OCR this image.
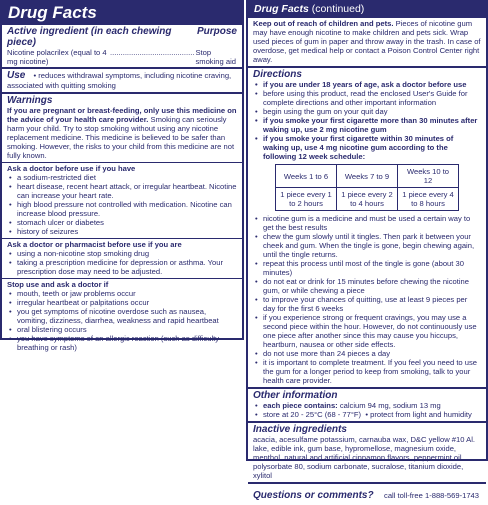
Drug Facts
Active ingredient (in each chewing piece)
Purpose
Nicotine polacrilex (equal to 4 mg nicotine)
........................................ Stop smoking aid
Use • reduces withdrawal symptoms, including nicotine craving, associated with quitting smoking
Warnings
If you are pregnant or breast-feeding, only use this medicine on the advice of your health care provider. Smoking can seriously harm your child. Try to stop smoking without using any nicotine replacement medicine. This medicine is believed to be safer than smoking. However, the risks to your child from this medicine are not fully known.
Ask a doctor before use if you have
• a sodium-restricted diet
• heart disease, recent heart attack, or irregular heartbeat. Nicotine can increase your heart rate.
• high blood pressure not controlled with medication. Nicotine can increase blood pressure.
• stomach ulcer or diabetes
• history of seizures
Ask a doctor or pharmacist before use if you are
• using a non-nicotine stop smoking drug
• taking a prescription medicine for depression or asthma. Your prescription dose may need to be adjusted.
Stop use and ask a doctor if
• mouth, teeth or jaw problems occur
• irregular heartbeat or palpitations occur
• you get symptoms of nicotine overdose such as nausea, vomiting, dizziness, diarrhea, weakness and rapid heartbeat
• oral blistering occurs
• you have symptoms of an allergic reaction (such as difficulty breathing or rash)
Drug Facts (continued)
Keep out of reach of children and pets. Pieces of nicotine gum may have enough nicotine to make children and pets sick. Wrap used pieces of gum in paper and throw away in the trash. In case of overdose, get medical help or contact a Poison Control Center right away.
Directions
• if you are under 18 years of age, ask a doctor before use
• before using this product, read the enclosed User's Guide for complete directions and other important information
• begin using the gum on your quit day
• if you smoke your first cigarette more than 30 minutes after waking up, use 2 mg nicotine gum
• if you smoke your first cigarette within 30 minutes of waking up, use 4 mg nicotine gum according to the following 12 week schedule:
Weeks 1 to 6	Weeks 7 to 9	Weeks 10 to 12
1 piece every 1 to 2 hours	1 piece every 2 to 4 hours	1 piece every 4 to 8 hours
• nicotine gum is a medicine and must be used a certain way to get the best results
• chew the gum slowly until it tingles. Then park it between your cheek and gum. When the tingle is gone, begin chewing again, until the tingle returns.
• repeat this process until most of the tingle is gone (about 30 minutes)
• do not eat or drink for 15 minutes before chewing the nicotine gum, or while chewing a piece
• to improve your chances of quitting, use at least 9 pieces per day for the first 6 weeks
• if you experience strong or frequent cravings, you may use a second piece within the hour. However, do not continuously use one piece after another since this may cause you hiccups, heartburn, nausea or other side effects.
• do not use more than 24 pieces a day
• it is important to complete treatment. If you feel you need to use the gum for a longer period to keep from smoking, talk to your health care provider.
Other information
• each piece contains: calcium 94 mg, sodium 13 mg
• store at 20 - 25°C (68 - 77°F)  • protect from light and humidity
Inactive ingredients
acacia, acesulfame potassium, carnauba wax, D&C yellow #10 Al. lake, edible ink, gum base, hypromellose, magnesium oxide, menthol, natural and artificial cinnamon flavors, peppermint oil, polysorbate 80, sodium carbonate, sucralose, titanium dioxide, xylitol
Questions or comments? call toll-free 1-888-569-1743
